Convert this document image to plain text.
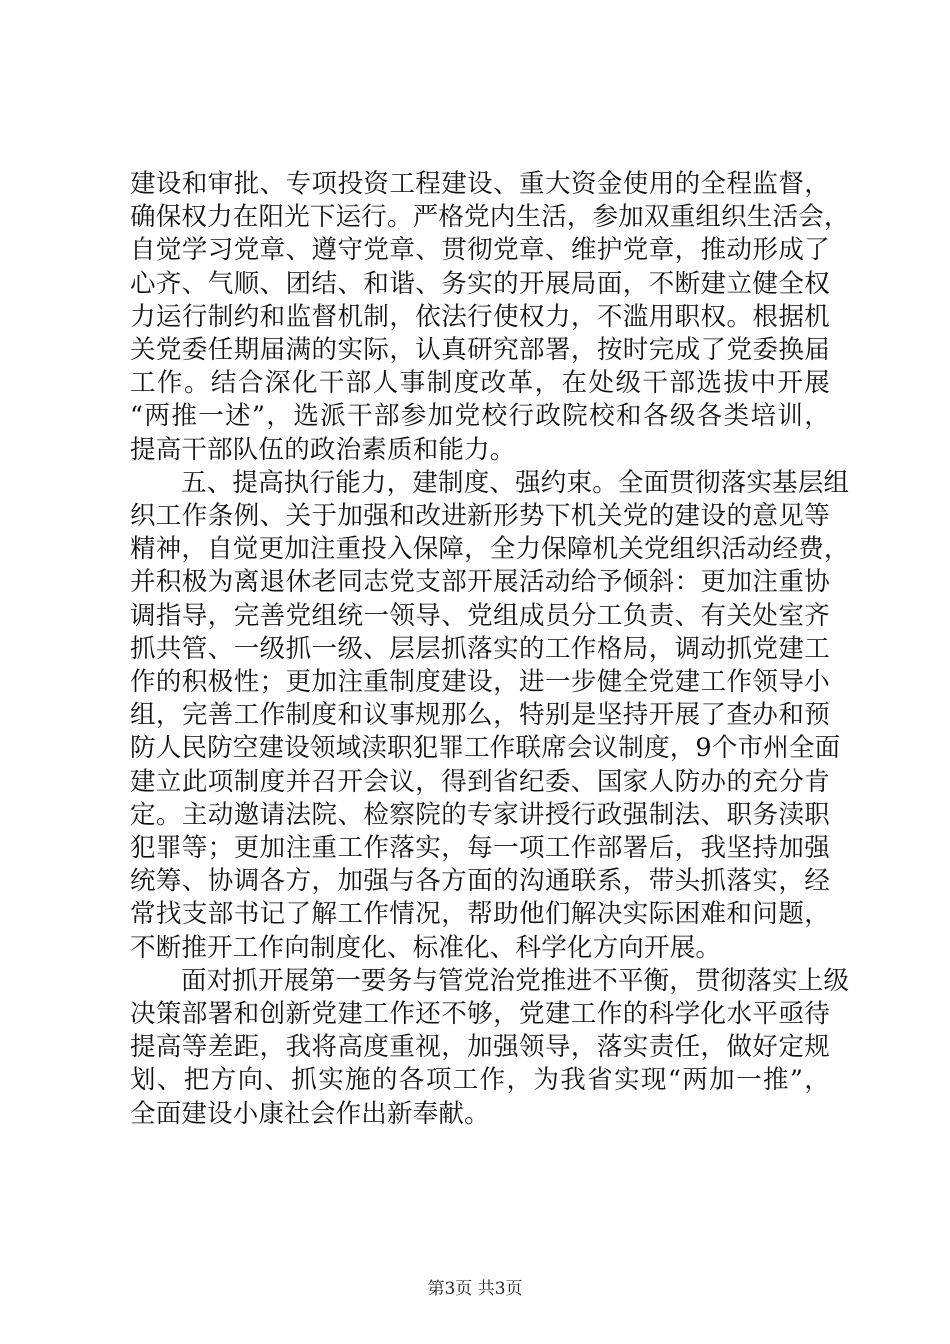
建设和审批、专项投资工程建设、重大资金使用的全程监督，
确保权力在阳光下运行。严格党内生活，参加双重组织生活会，
自觉学习党章、遵守党章、贯彻党章、维护党章，推动形成了
心齐、气顺、团结、和谐、务实的开展局面，不断建立健全权
力运行制约和监督机制，依法行使权力，不滥用职权。根据机
关党委任期届满的实际，认真研究部署，按时完成了党委换届
工作。结合深化干部人事制度改革，在处级干部选拔中开展
“两推一述”，选派干部参加党校行政院校和各级各类培训，
提高干部队伍的政治素质和能力。
五、提高执行能力，建制度、强约束。全面贯彻落实基层组
织工作条例、关于加强和改进新形势下机关党的建设的意见等
精神，自觉更加注重投入保障，全力保障机关党组织活动经费，
并积极为离退休老同志党支部开展活动给予倾斜：更加注重协
调指导，完善党组统一领导、党组成员分工负责、有关处室齐
抓共管、一级抓一级、层层抓落实的工作格局，调动抓党建工
作的积极性；更加注重制度建设，进一步健全党建工作领导小
组，完善工作制度和议事规那么，特别是坚持开展了查办和预
防人民防空建设领域渎职犯罪工作联席会议制度，9个市州全面
建立此项制度并召开会议，得到省纪委、国家人防办的充分肯
定。主动邀请法院、检察院的专家讲授行政强制法、职务渎职
犯罪等；更加注重工作落实，每一项工作部署后，我坚持加强
统筹、协调各方，加强与各方面的沟通联系，带头抓落实，经
常找支部书记了解工作情况，帮助他们解决实际困难和问题，
不断推开工作向制度化、标准化、科学化方向开展。
面对抓开展第一要务与管党治党推进不平衡，贯彻落实上级
决策部署和创新党建工作还不够，党建工作的科学化水平亟待
提高等差距，我将高度重视，加强领导，落实责任，做好定规
划、把方向、抓实施的各项工作，为我省实现“两加一推”，
全面建设小康社会作出新奉献。
第3页 共3页
